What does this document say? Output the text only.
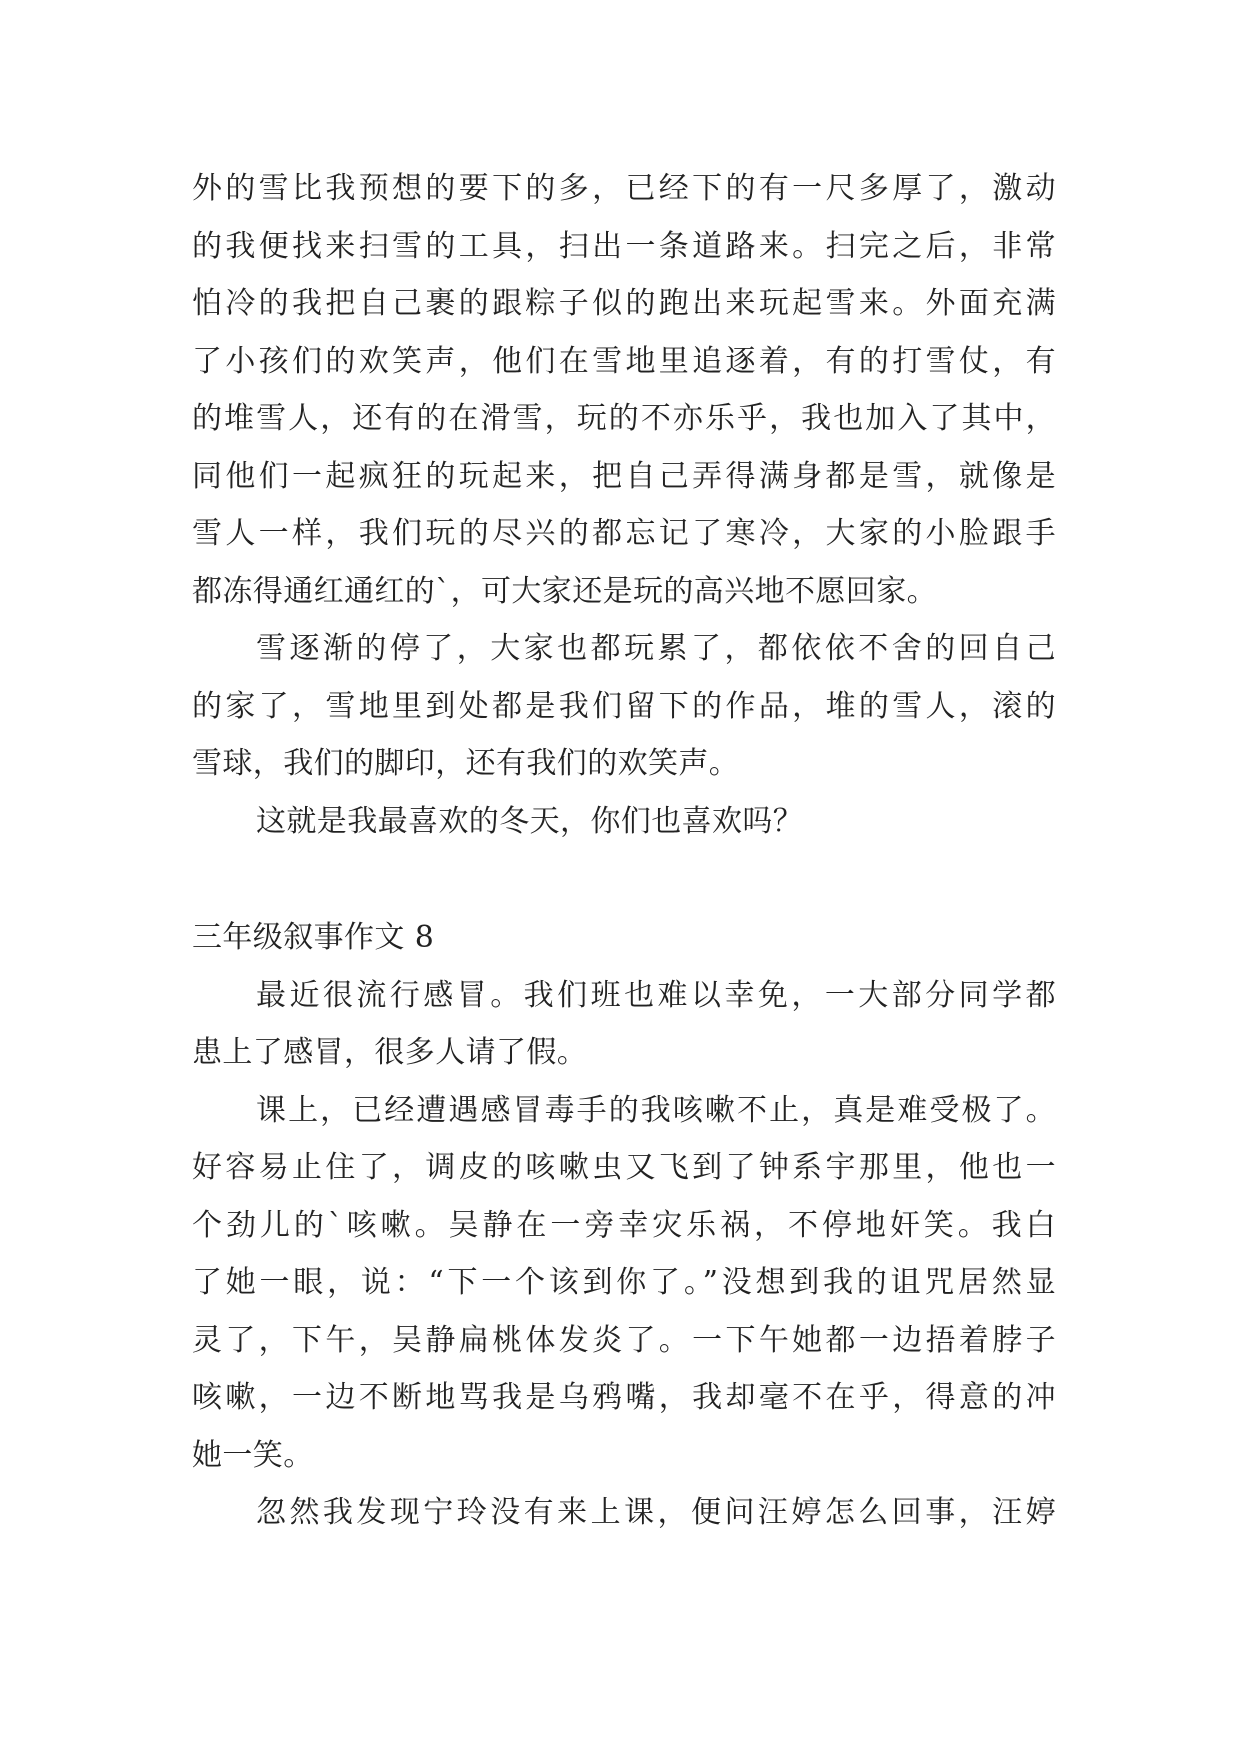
外的雪比我预想的要下的多，已经下的有一尺多厚了，激动
的我便找来扫雪的工具，扫出一条道路来。扫完之后，非常
怕冷的我把自己裹的跟粽子似的跑出来玩起雪来。外面充满
了小孩们的欢笑声，他们在雪地里追逐着，有的打雪仗，有
的堆雪人，还有的在滑雪，玩的不亦乐乎，我也加入了其中，
同他们一起疯狂的玩起来，把自己弄得满身都是雪，就像是
雪人一样，我们玩的尽兴的都忘记了寒冷，大家的小脸跟手
都冻得通红通红的`，可大家还是玩的高兴地不愿回家。
雪逐渐的停了，大家也都玩累了，都依依不舍的回自己
的家了，雪地里到处都是我们留下的作品，堆的雪人，滚的
雪球，我们的脚印，还有我们的欢笑声。
这就是我最喜欢的冬天，你们也喜欢吗？
三年级叙事作文 8
最近很流行感冒。我们班也难以幸免，一大部分同学都
患上了感冒，很多人请了假。
课上，已经遭遇感冒毒手的我咳嗽不止，真是难受极了。
好容易止住了，调皮的咳嗽虫又飞到了钟系宇那里，他也一
个劲儿的`咳嗽。吴静在一旁幸灾乐祸，不停地奸笑。我白
了她一眼，说：“下一个该到你了。”没想到我的诅咒居然显
灵了，下午，吴静扁桃体发炎了。一下午她都一边捂着脖子
咳嗽，一边不断地骂我是乌鸦嘴，我却毫不在乎，得意的冲
她一笑。
忽然我发现宁玲没有来上课，便问汪婷怎么回事，汪婷
